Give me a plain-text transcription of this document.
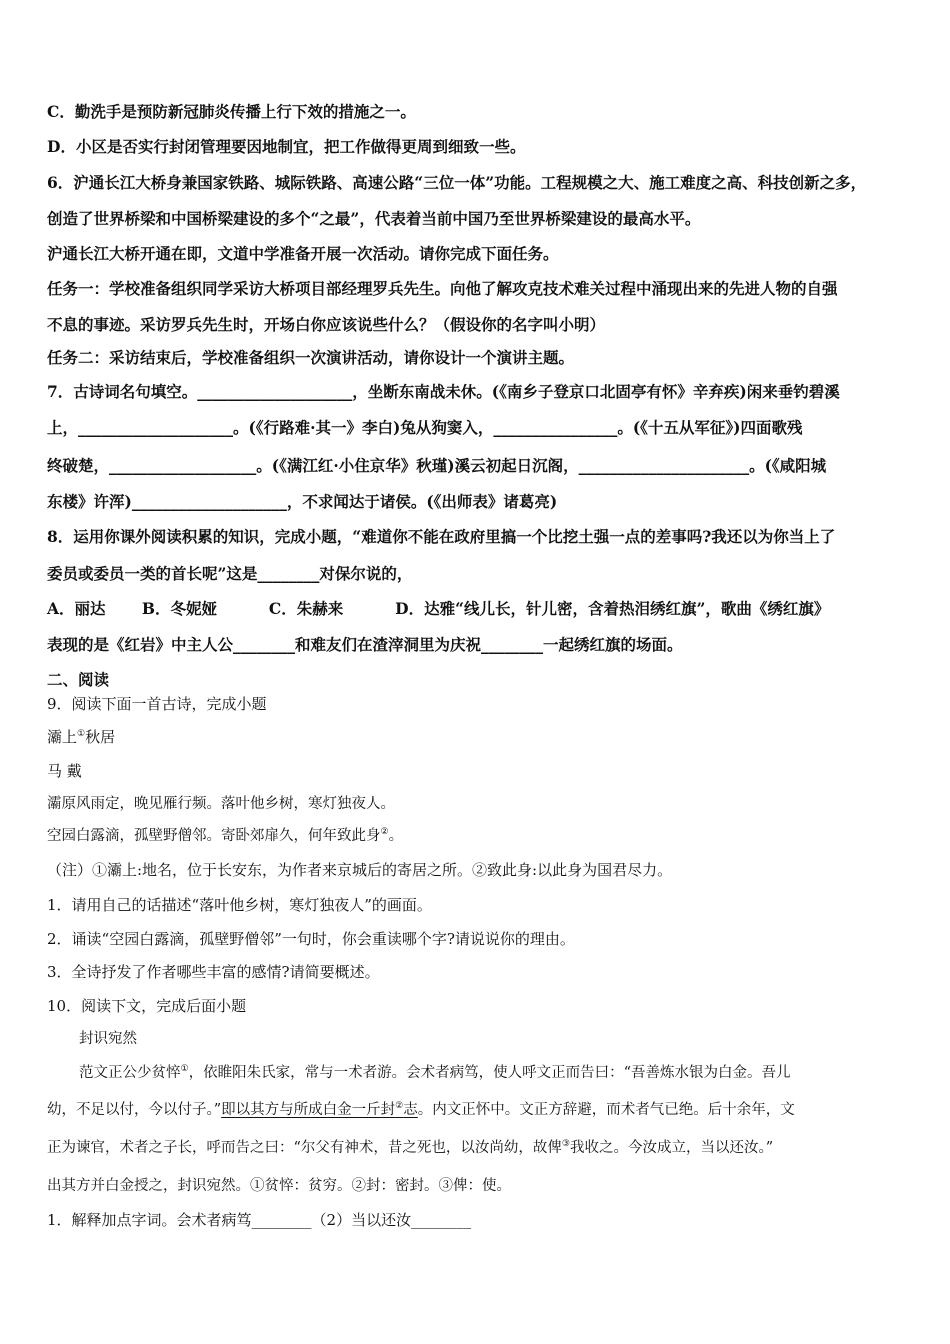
C．勤洗手是预防新冠肺炎传播上行下效的措施之一。
D．小区是否实行封闭管理要因地制宜，把工作做得更周到细致一些。
6．沪通长江大桥身兼国家铁路、城际铁路、高速公路“三位一体”功能。工程规模之大、施工难度之高、科技创新之多，
创造了世界桥梁和中国桥梁建设的多个“之最”，代表着当前中国乃至世界桥梁建设的最高水平。
沪通长江大桥开通在即，文道中学准备开展一次活动。请你完成下面任务。
任务一：学校准备组织同学采访大桥项目部经理罗兵先生。向他了解攻克技术难关过程中涌现出来的先进人物的自强
不息的事迹。采访罗兵先生时，开场白你应该说些什么？（假设你的名字叫小明）
任务二：采访结束后，学校准备组织一次演讲活动，请你设计一个演讲主题。
7．古诗词名句填空。____________________，坐断东南战未休。(《南乡子登京口北固亭有怀》辛弃疾)闲来垂钓碧溪
上，____________________。(《行路难·其一》李白)兔从狗窦入，________________。(《十五从军征》)四面歌残
终破楚，___________________。(《满江红·小住京华》秋瑾)溪云初起日沉阁，______________________。(《咸阳城
东楼》许浑)____________________，不求闻达于诸侯。(《出师表》诸葛亮)
8．运用你课外阅读积累的知识，完成小题，“难道你不能在政府里搞一个比挖土强一点的差事吗?我还以为你当上了
委员或委员一类的首长呢”这是________对保尔说的，
A．丽达　　 B．冬妮娅　　　 C．朱赫来　　　 D．达雅“线儿长，针儿密，含着热泪绣红旗”，歌曲《绣红旗》
表现的是《红岩》中主人公________和难友们在渣滓洞里为庆祝________一起绣红旗的场面。
二、阅读
9．阅读下面一首古诗，完成小题
灞上①秋居
马 戴
灞原风雨定，晚见雁行频。落叶他乡树，寒灯独夜人。
空园白露滴，孤壁野僧邻。寄卧郊扉久，何年致此身②。
（注）①灞上:地名，位于长安东，为作者来京城后的寄居之所。②致此身:以此身为国君尽力。
1．请用自己的话描述“落叶他乡树，寒灯独夜人”的画面。
2．诵读“空园白露滴，孤壁野僧邻”一句时，你会重读哪个字?请说说你的理由。
3．全诗抒发了作者哪些丰富的感情?请简要概述。
10．阅读下文，完成后面小题
封识宛然
范文正公少贫悴①，依睢阳朱氏家，常与一术者游。会术者病笃，使人呼文正而告曰：“吾善炼水银为白金。吾儿
幼，不足以付，今以付子。”即以其方与所成白金一斤封②志。内文正怀中。文正方辞避，而术者气已绝。后十余年，文
正为谏官，术者之子长，呼而告之曰：“尔父有神术，昔之死也，以汝尚幼，故俾③我收之。今汝成立，当以还汝。”
出其方并白金授之，封识宛然。①贫悴：贫穷。②封：密封。③俾：使。
1．解释加点字词。会术者病笃________（2）当以还汝________
